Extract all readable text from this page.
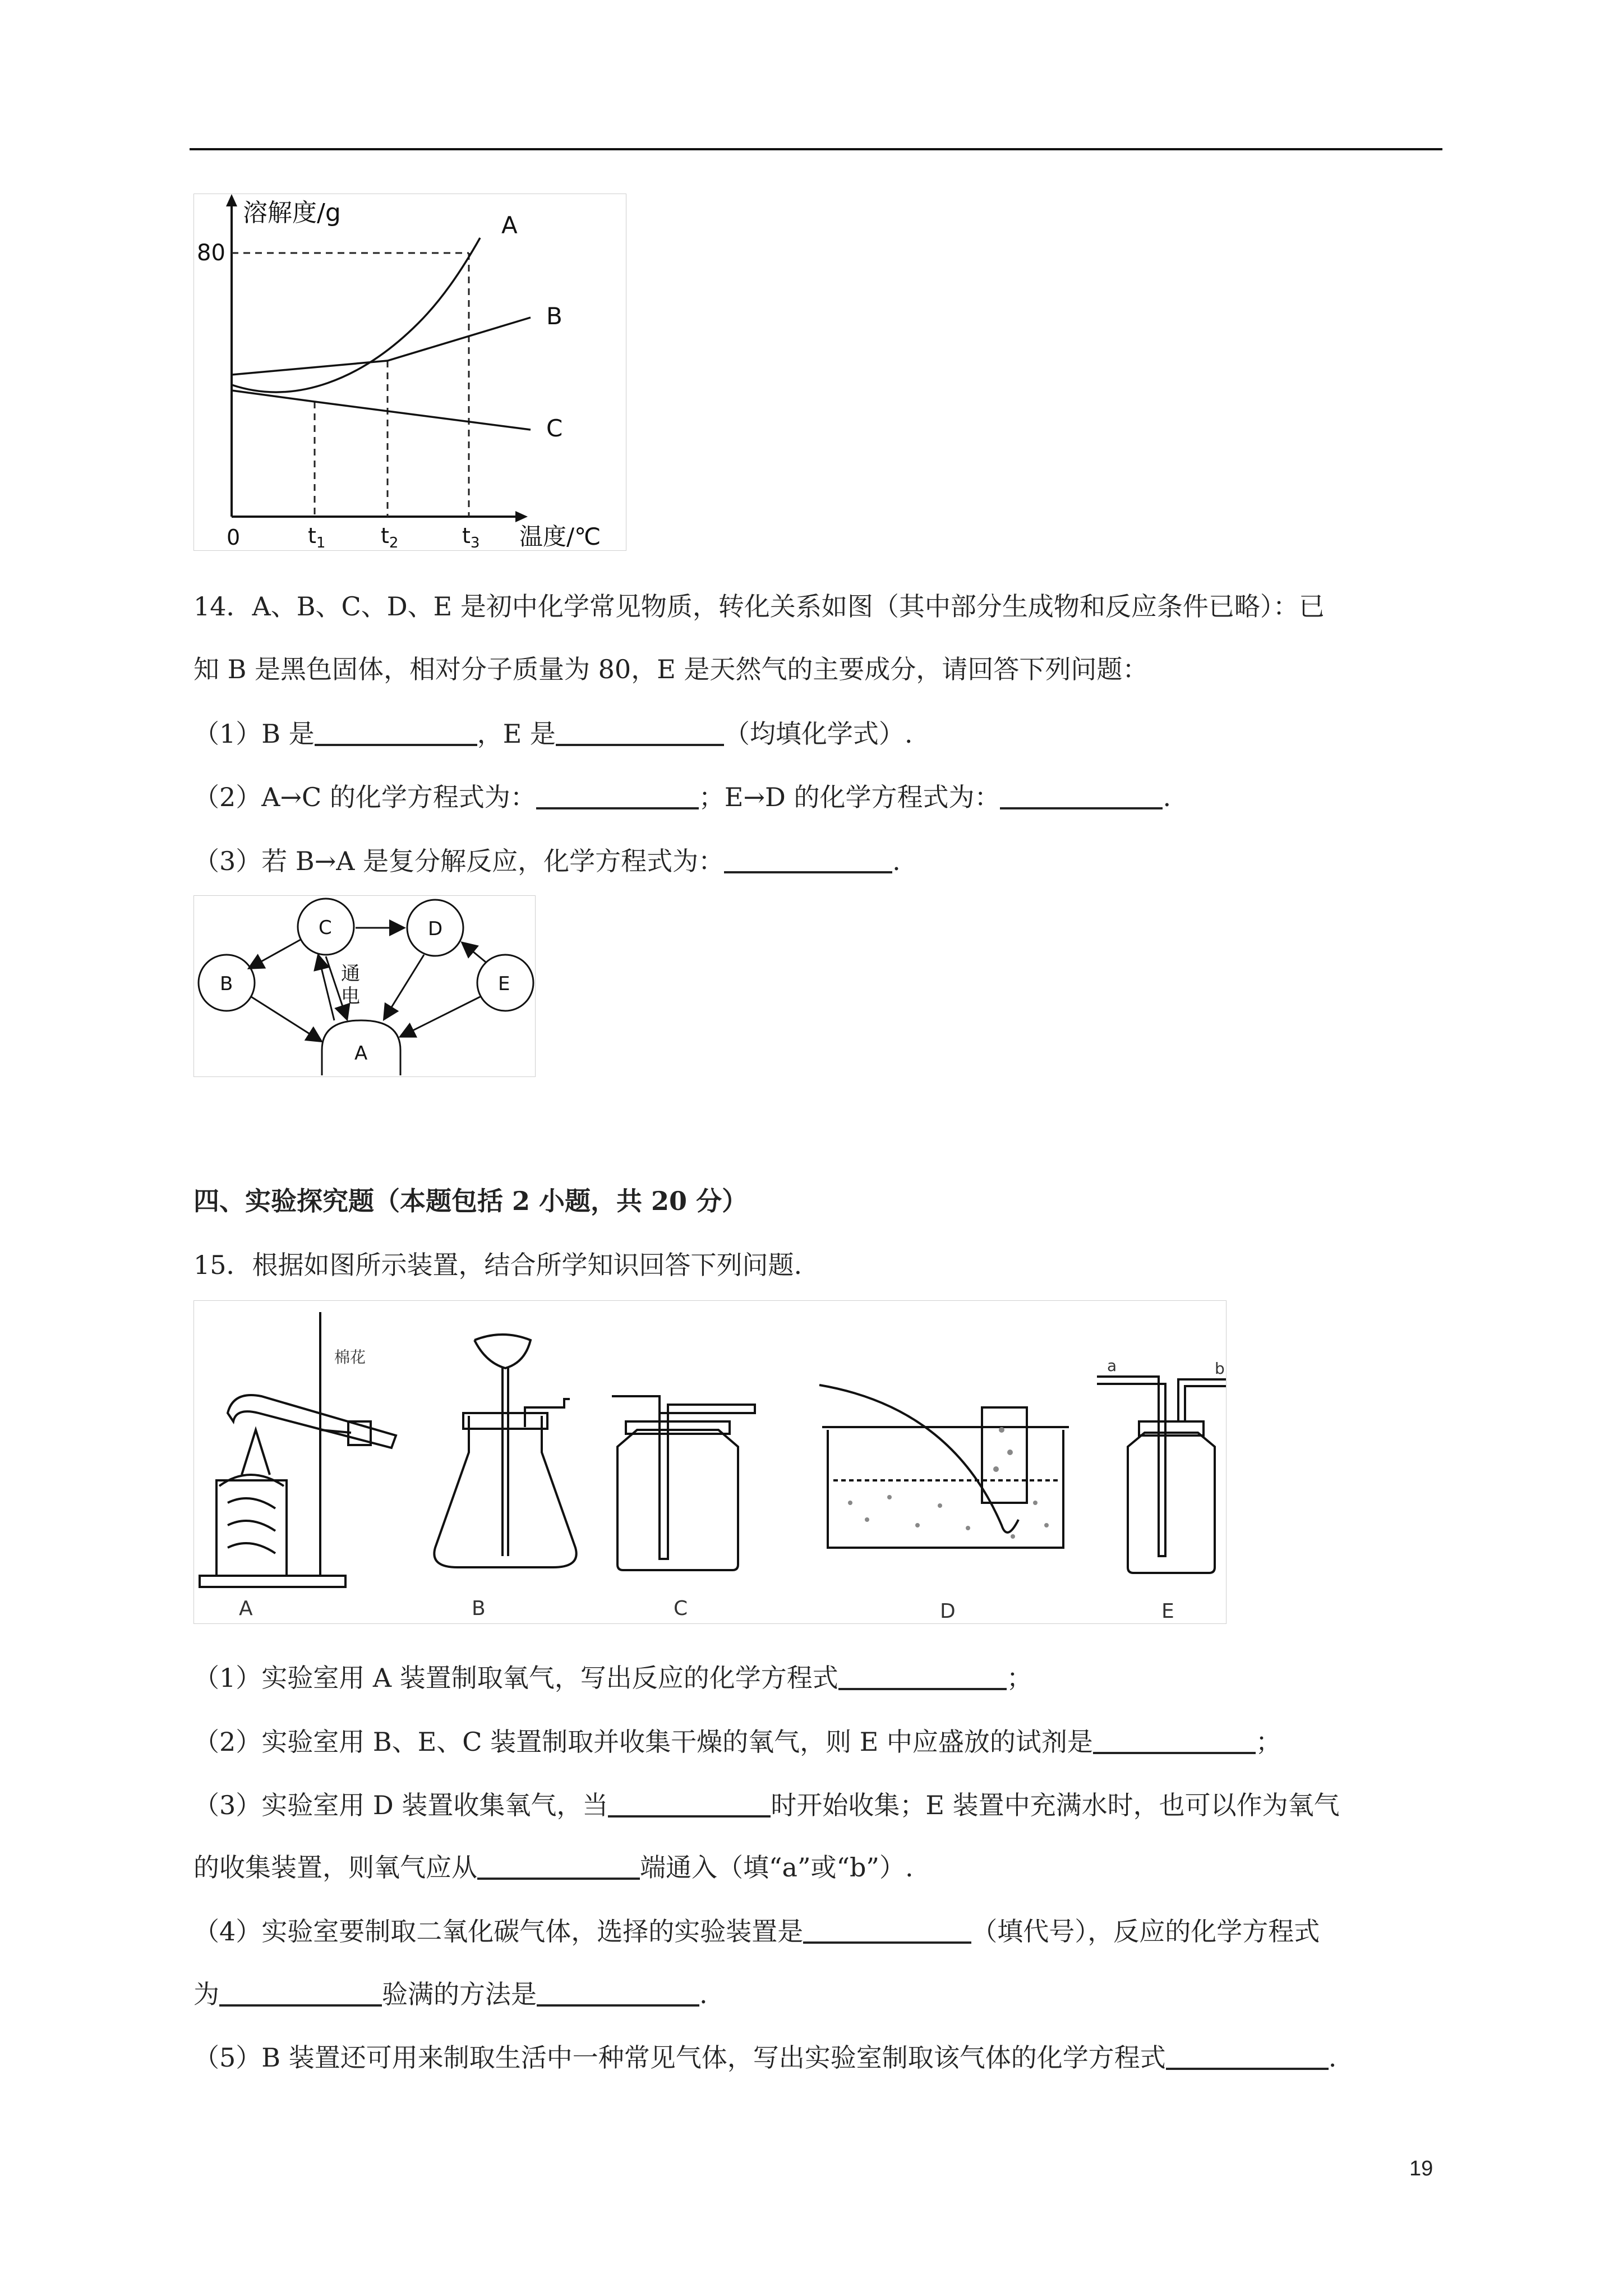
溶解度/g
80
0	$t_1$	$t_2$	$t_3$ 温度/℃
A
B
C
14．A、B、C、D、E 是初中化学常见物质，转化关系如图（其中部分生成物和反应条件已略）：已
知 B 是黑色固体，相对分子质量为 80，E 是天然气的主要成分，请回答下列问题：
（1）B 是	，E 是	（均填化学式）.
（2）A→C 的化学方程式为：	；E→D 的化学方程式为：	.
（3）若 B→A 是复分解反应，化学方程式为：	.
C	D
B	E
A
通
电
四、实验探究题（本题包括 2 小题，共 20 分）
15．根据如图所示装置，结合所学知识回答下列问题.
A	B	C	D	E
棉花	a	b
（1）实验室用 A 装置制取氧气，写出反应的化学方程式	；
（2）实验室用 B、E、C 装置制取并收集干燥的氧气，则 E 中应盛放的试剂是	；
（3）实验室用 D 装置收集氧气，当	时开始收集；E 装置中充满水时，也可以作为氧气
的收集装置，则氧气应从	端通入（填“a”或“b”）.
（4）实验室要制取二氧化碳气体，选择的实验装置是	（填代号），反应的化学方程式
为	验满的方法是	.
（5）B 装置还可用来制取生活中一种常见气体，写出实验室制取该气体的化学方程式	.
19
